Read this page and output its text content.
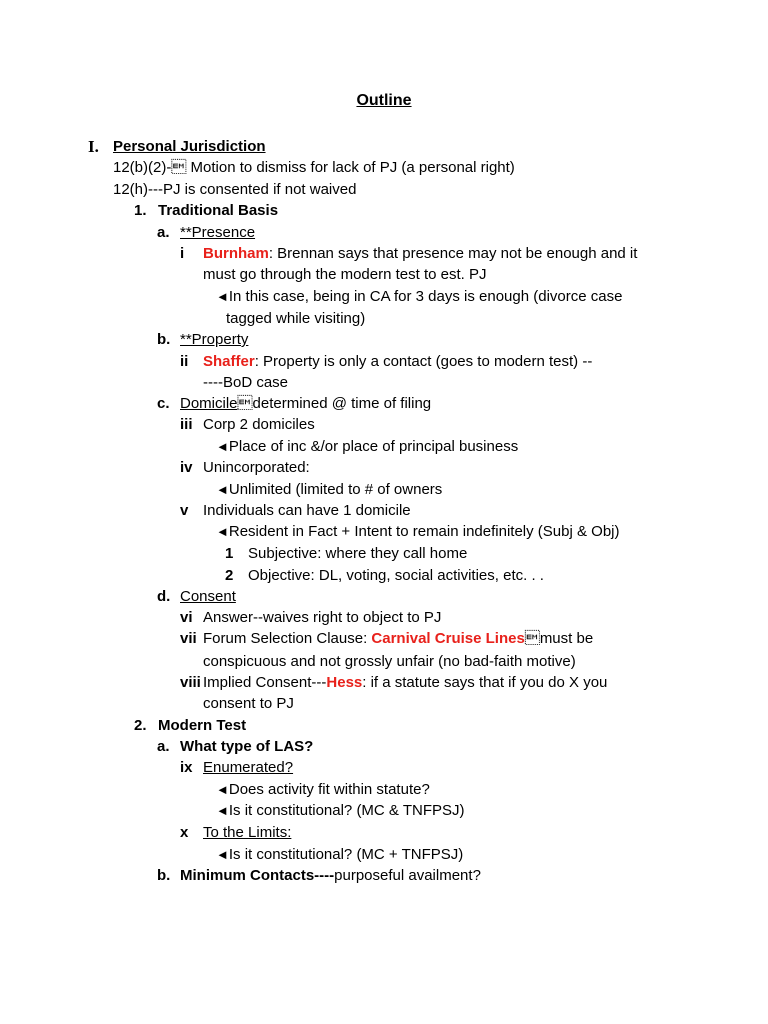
Outline
I. Personal Jurisdiction
12(b)(2)- Motion to dismiss for lack of PJ (a personal right)
12(h)---PJ is consented if not waived
1. Traditional Basis
a. **Presence
i Burnham: Brennan says that presence may not be enough and it
must go through the modern test to est. PJ
◄In this case, being in CA for 3 days is enough (divorce case
tagged while visiting)
b. **Property
ii Shaffer: Property is only a contact (goes to modern test) --
----BoD case
c. Domiciledetermined @ time of filing
iii Corp 2 domiciles
◄Place of inc &/or place of principal business
iv Unincorporated:
◄Unlimited (limited to # of owners
v Individuals can have 1 domicile
◄Resident in Fact + Intent to remain indefinitely (Subj & Obj)
1 Subjective: where they call home
2 Objective: DL, voting, social activities, etc. . .
d. Consent
vi Answer--waives right to object to PJ
vii Forum Selection Clause: Carnival Cruise Linesmust be
conspicuous and not grossly unfair (no bad-faith motive)
viii Implied Consent---Hess: if a statute says that if you do X you
consent to PJ
2. Modern Test
a. What type of LAS?
ix Enumerated?
◄Does activity fit within statute?
◄Is it constitutional? (MC & TNFPSJ)
x To the Limits:
◄Is it constitutional? (MC + TNFPSJ)
b. Minimum Contacts----purposeful availment?
